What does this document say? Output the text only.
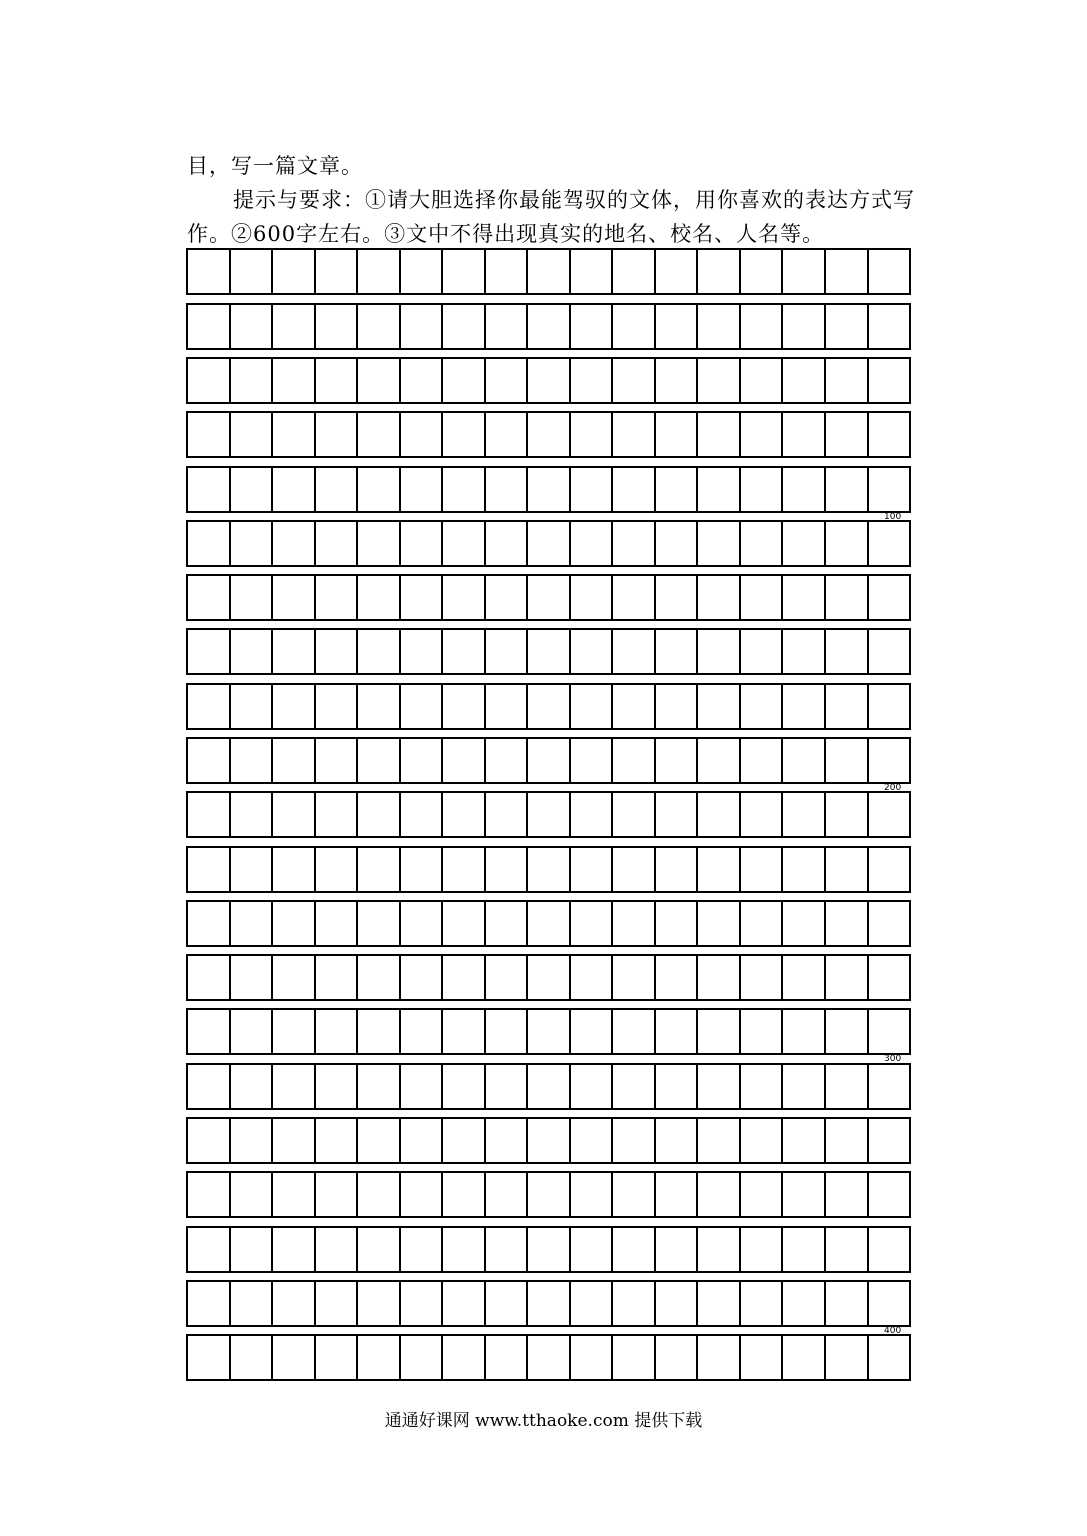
目，写一篇文章。
提示与要求：①请大胆选择你最能驾驭的文体，用你喜欢的表达方式写
作。②600字左右。③文中不得出现真实的地名、校名、人名等。
100
200
300
400
通通好课网 www.tthaoke.com 提供下载
